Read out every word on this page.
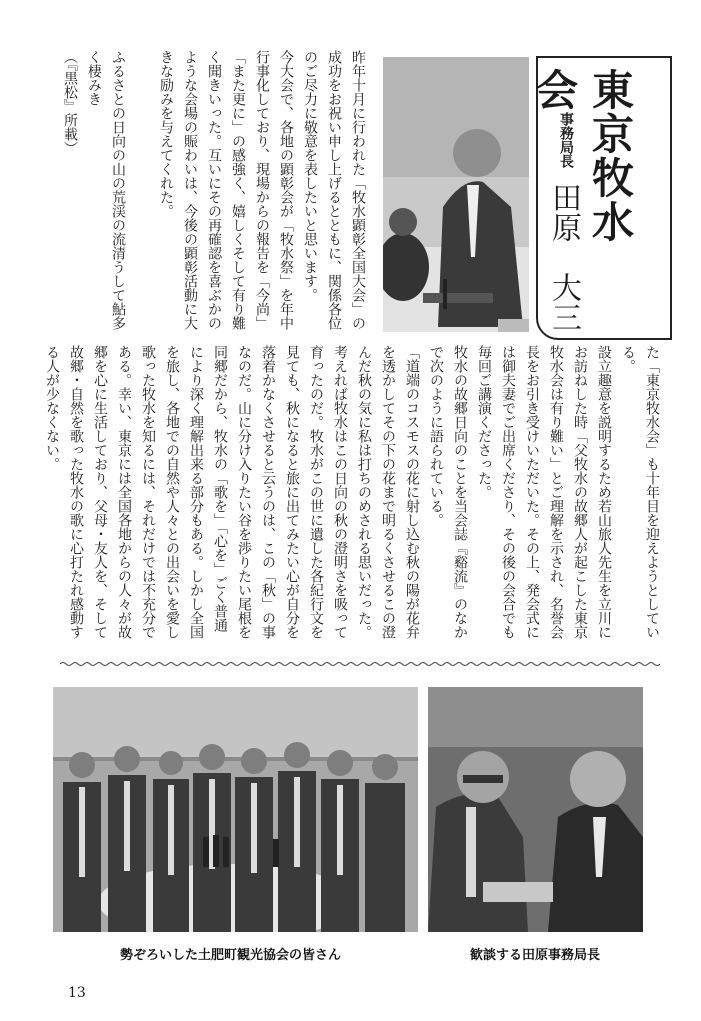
東京牧水会
事務局長
田原　大三
た「東京牧水会」も十年目を迎えようとしている。
設立趣意を説明するため若山旅人先生を立川にお訪ねした時「父牧水の故郷人が起こした東京牧水会は有り難い」とご理解を示され、名誉会長をお引き受けいただいた。その上、発会式には御夫妻でご出席くださり、その後の会合でも毎回ご講演くださった。
牧水の故郷日向のことを当会誌『谿流』のなかで次のように語られている。
「道端のコスモスの花に射し込む秋の陽が花弁を透かしてその下の花まで明るくさせるこの澄んだ秋の気に私は打ちのめされる思いだった。考えれば牧水はこの日向の秋の澄明さを吸って育ったのだ。牧水がこの世に遺した各紀行文を見ても、秋になると旅に出てみたい心が自分を落着かなくさせると云うのは、この「秋」の事なのだ。山に分け入りたい谷を渉りたい尾根を
同郷だから、牧水の「歌を」「心を」ごく普通により深く理解出来る部分もある。しかし全国を旅し、各地での自然や人々との出会いを愛し歌った牧水を知るには、それだけでは不充分である。幸い、東京には全国各地からの人々が故郷を心に生活しており、父母・友人を、そして故郷・自然を歌った牧水の歌に心打たれ感動する人が少なくない。

昨年十月に行われた「牧水顕彰全国大会」の成功をお祝い申し上げるとともに、関係各位のご尽力に敬意を表したいと思います。
今大会で、各地の顕彰会が「牧水祭」を年中行事化しており、現場からの報告を「今尚」「また更に」の感強く、嬉しくそして有り難く聞きいった。互いにその再確認を喜ぶかのような会場の賑わいは、今後の顕彰活動に大きな励みを与えてくれた。

ふるさとの日向の山の荒渓の流清うして鮎多く棲みき
（『黒松』所載）

勢ぞろいした土肥町観光協会の皆さん	歓談する田原事務局長
13
